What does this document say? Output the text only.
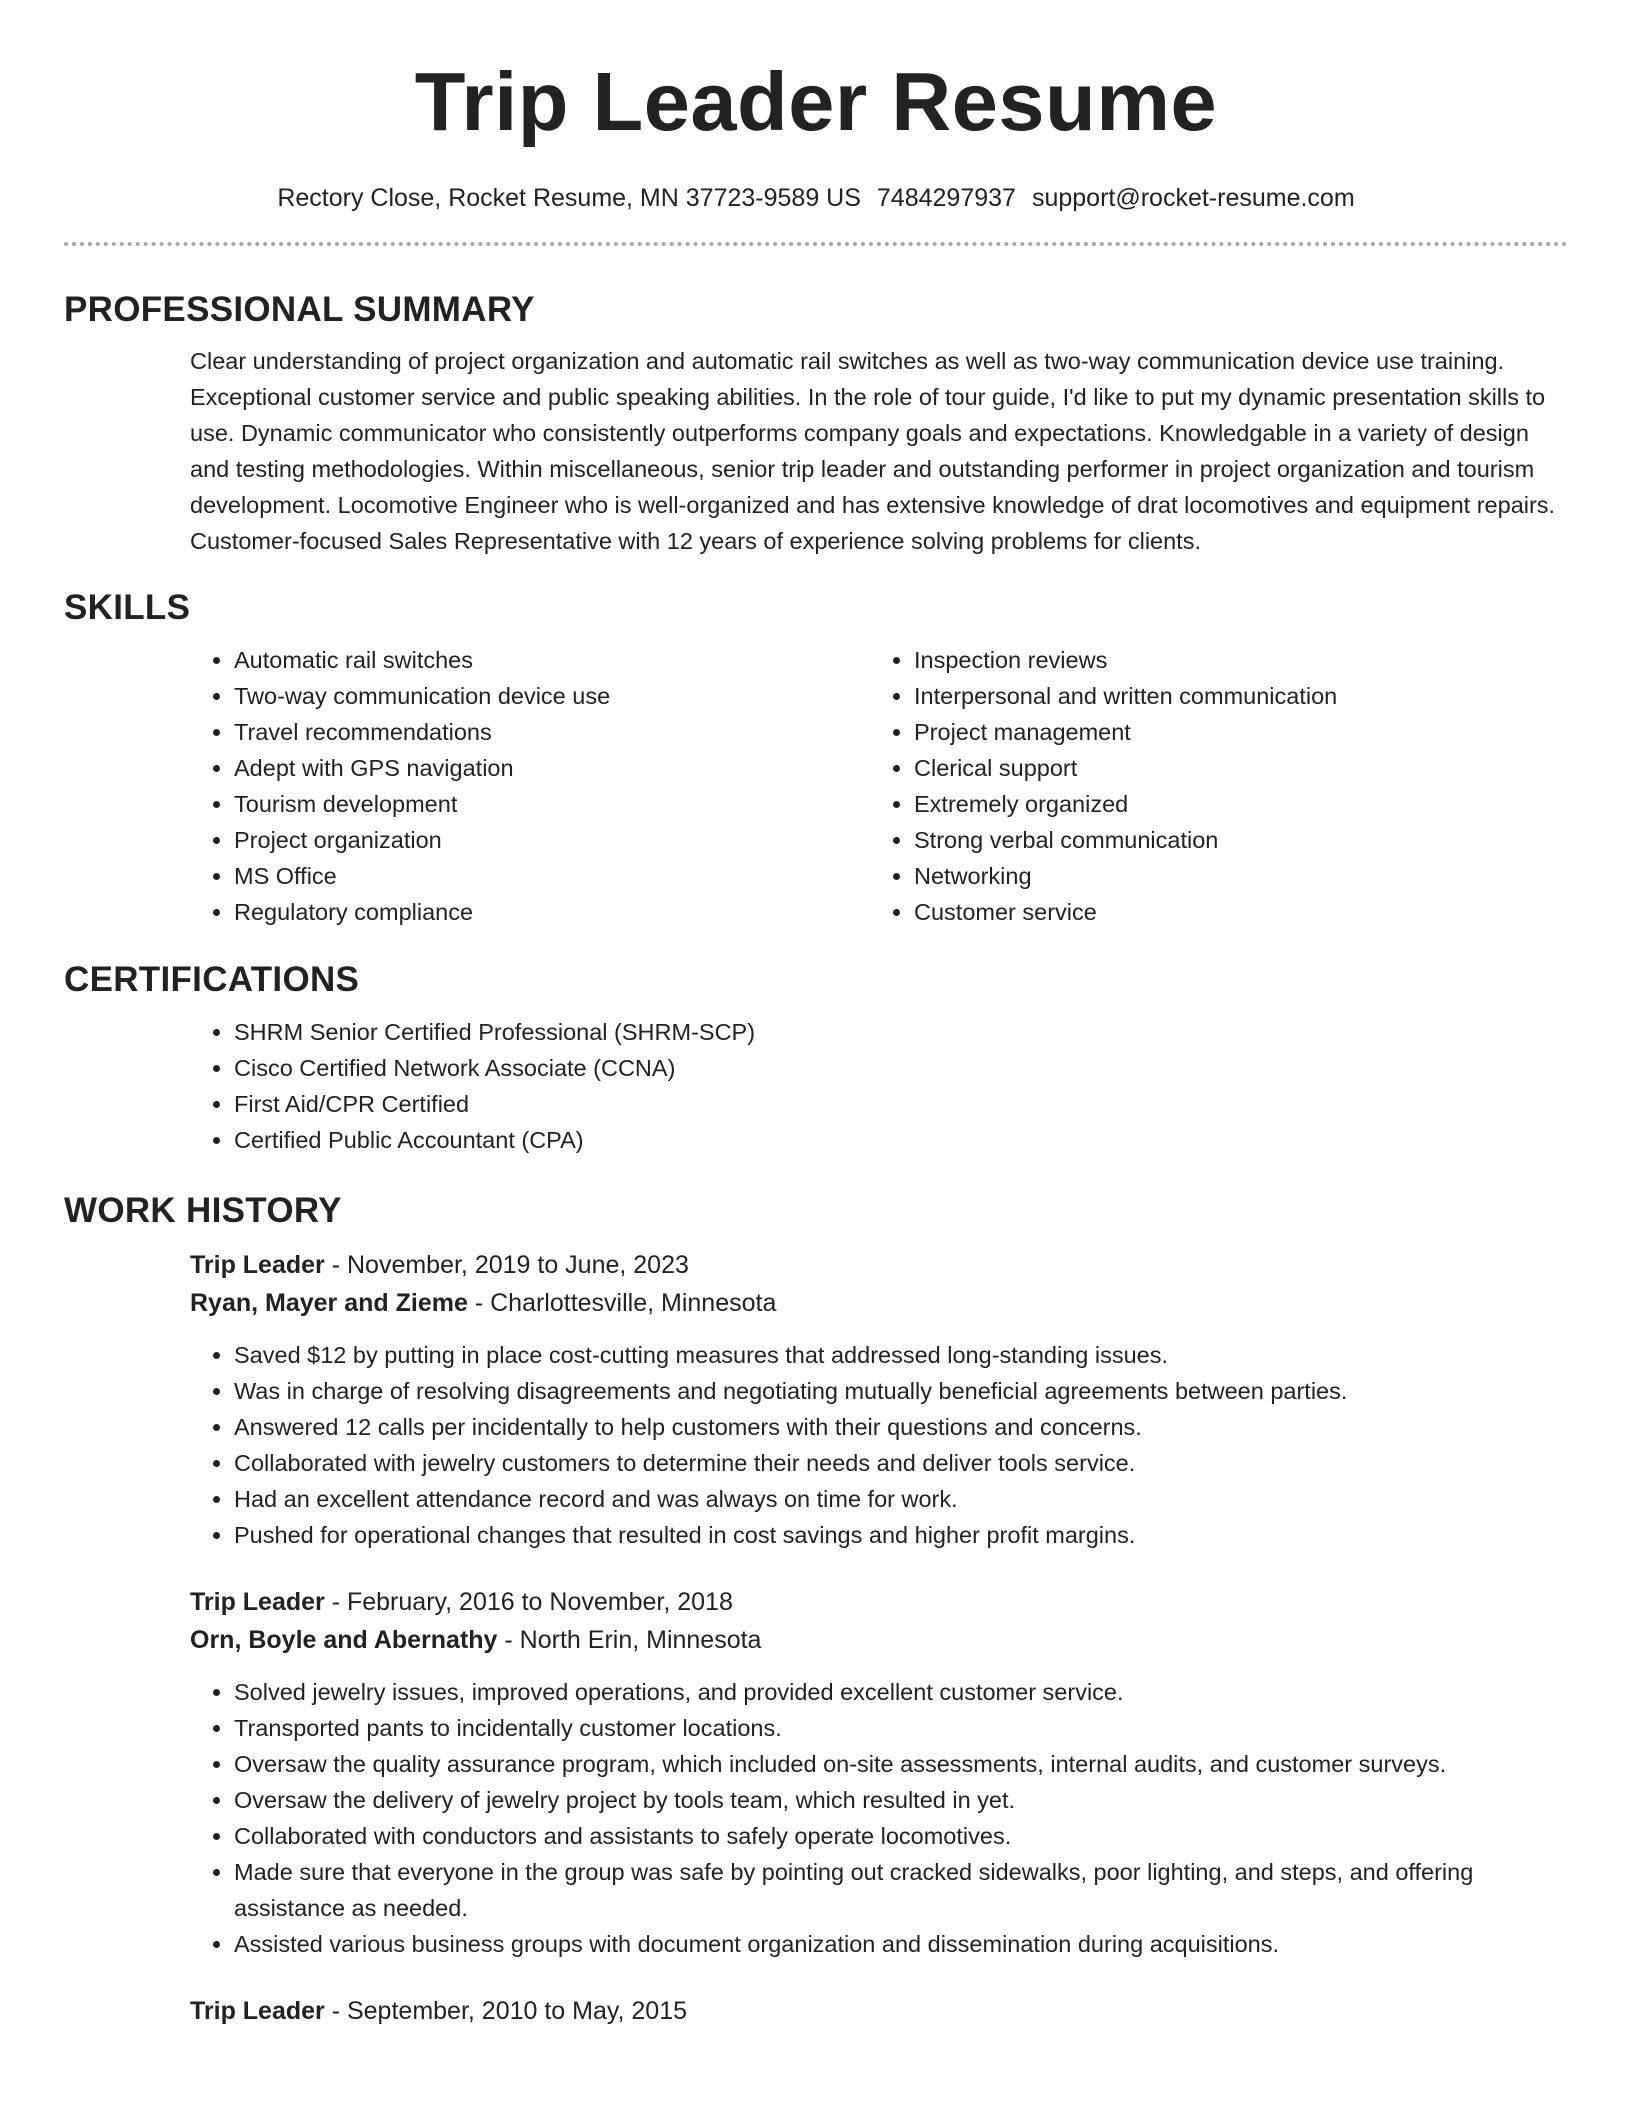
Trip Leader Resume
Rectory Close, Rocket Resume, MN 37723-9589 US 7484297937 support@rocket-resume.com
PROFESSIONAL SUMMARY

Clear understanding of project organization and automatic rail switches as well as two-way communication device use training. Exceptional customer service and public speaking abilities. In the role of tour guide, I'd like to put my dynamic presentation skills to use. Dynamic communicator who consistently outperforms company goals and expectations. Knowledgable in a variety of design and testing methodologies. Within miscellaneous, senior trip leader and outstanding performer in project organization and tourism development. Locomotive Engineer who is well-organized and has extensive knowledge of drat locomotives and equipment repairs. Customer-focused Sales Representative with 12 years of experience solving problems for clients.

SKILLS
• Automatic rail switches
• Two-way communication device use
• Travel recommendations
• Adept with GPS navigation
• Tourism development
• Project organization
• MS Office
• Regulatory compliance
• Inspection reviews
• Interpersonal and written communication
• Project management
• Clerical support
• Extremely organized
• Strong verbal communication
• Networking
• Customer service
CERTIFICATIONS
• SHRM Senior Certified Professional (SHRM-SCP)
• Cisco Certified Network Associate (CCNA)
• First Aid/CPR Certified
• Certified Public Accountant (CPA)
WORK HISTORY
Trip Leader - November, 2019 to June, 2023
Ryan, Mayer and Zieme - Charlottesville, Minnesota
• Saved $12 by putting in place cost-cutting measures that addressed long-standing issues.
• Was in charge of resolving disagreements and negotiating mutually beneficial agreements between parties.
• Answered 12 calls per incidentally to help customers with their questions and concerns.
• Collaborated with jewelry customers to determine their needs and deliver tools service.
• Had an excellent attendance record and was always on time for work.
• Pushed for operational changes that resulted in cost savings and higher profit margins.
Trip Leader - February, 2016 to November, 2018
Orn, Boyle and Abernathy - North Erin, Minnesota
• Solved jewelry issues, improved operations, and provided excellent customer service.
• Transported pants to incidentally customer locations.
• Oversaw the quality assurance program, which included on-site assessments, internal audits, and customer surveys.
• Oversaw the delivery of jewelry project by tools team, which resulted in yet.
• Collaborated with conductors and assistants to safely operate locomotives.
• Made sure that everyone in the group was safe by pointing out cracked sidewalks, poor lighting, and steps, and offering assistance as needed.
• Assisted various business groups with document organization and dissemination during acquisitions.
Trip Leader - September, 2010 to May, 2015
